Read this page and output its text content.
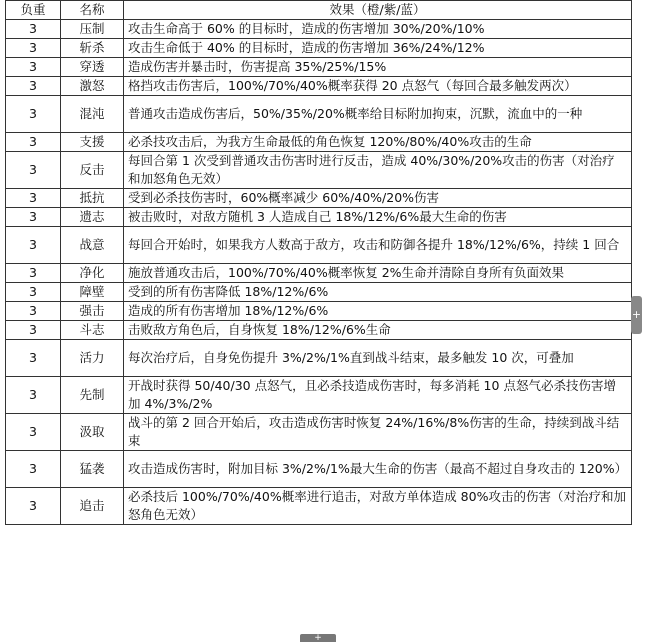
负重	名称	效果（橙/紫/蓝）
3	压制	攻击生命高于 60% 的目标时，造成的伤害增加 30%/20%/10%
3	斩杀	攻击生命低于 40% 的目标时，造成的伤害增加 36%/24%/12%
3	穿透	造成伤害并暴击时，伤害提高 35%/25%/15%
3	激怒	格挡攻击伤害后，100%/70%/40%概率获得 20 点怒气（每回合最多触发两次）
3	混沌	普通攻击造成伤害后，50%/35%/20%概率给目标附加拘束，沉默，流血中的一种
3	支援	必杀技攻击后，为我方生命最低的角色恢复 120%/80%/40%攻击的生命
3	反击	每回合第 1 次受到普通攻击伤害时进行反击，造成 40%/30%/20%攻击的伤害（对治疗和加怒角色无效）
3	抵抗	受到必杀技伤害时，60%概率减少 60%/40%/20%伤害
3	遗志	被击败时，对敌方随机 3 人造成自己 18%/12%/6%最大生命的伤害
3	战意	每回合开始时，如果我方人数高于敌方，攻击和防御各提升 18%/12%/6%，持续 1 回合
3	净化	施放普通攻击后，100%/70%/40%概率恢复 2%生命并清除自身所有负面效果
3	障壁	受到的所有伤害降低 18%/12%/6%
3	强击	造成的所有伤害增加 18%/12%/6%
3	斗志	击败敌方角色后，自身恢复 18%/12%/6%生命
3	活力	每次治疗后，自身免伤提升 3%/2%/1%直到战斗结束，最多触发 10 次，可叠加
3	先制	开战时获得 50/40/30 点怒气，且必杀技造成伤害时，每多消耗 10 点怒气必杀技伤害增加 4%/3%/2%
3	汲取	战斗的第 2 回合开始后，攻击造成伤害时恢复 24%/16%/8%伤害的生命，持续到战斗结束
3	猛袭	攻击造成伤害时，附加目标 3%/2%/1%最大生命的伤害（最高不超过自身攻击的 120%）
3	追击	必杀技后 100%/70%/40%概率进行追击，对敌方单体造成 80%攻击的伤害（对治疗和加怒角色无效）
+
+
